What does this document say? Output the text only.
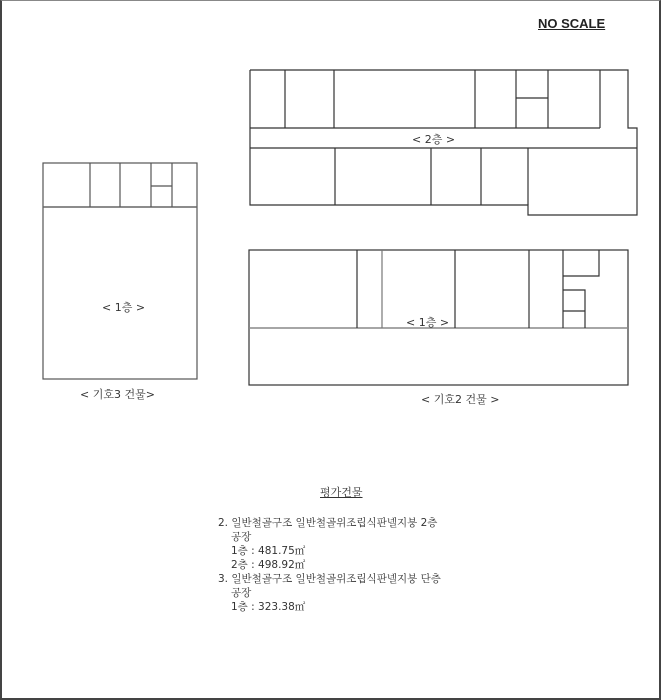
NO SCALE
< 2층 >
< 1층 >
< 기호2 건물 >
< 1층 >
< 기호3 건물>
평가건물
2. 일반철골구조 일반철골위조립식판넬지붕 2층
공장
1층 : 481.75㎡
2층 : 498.92㎡
3. 일반철골구조 일반철골위조립식판넬지붕 단층
공장
1층 : 323.38㎡
